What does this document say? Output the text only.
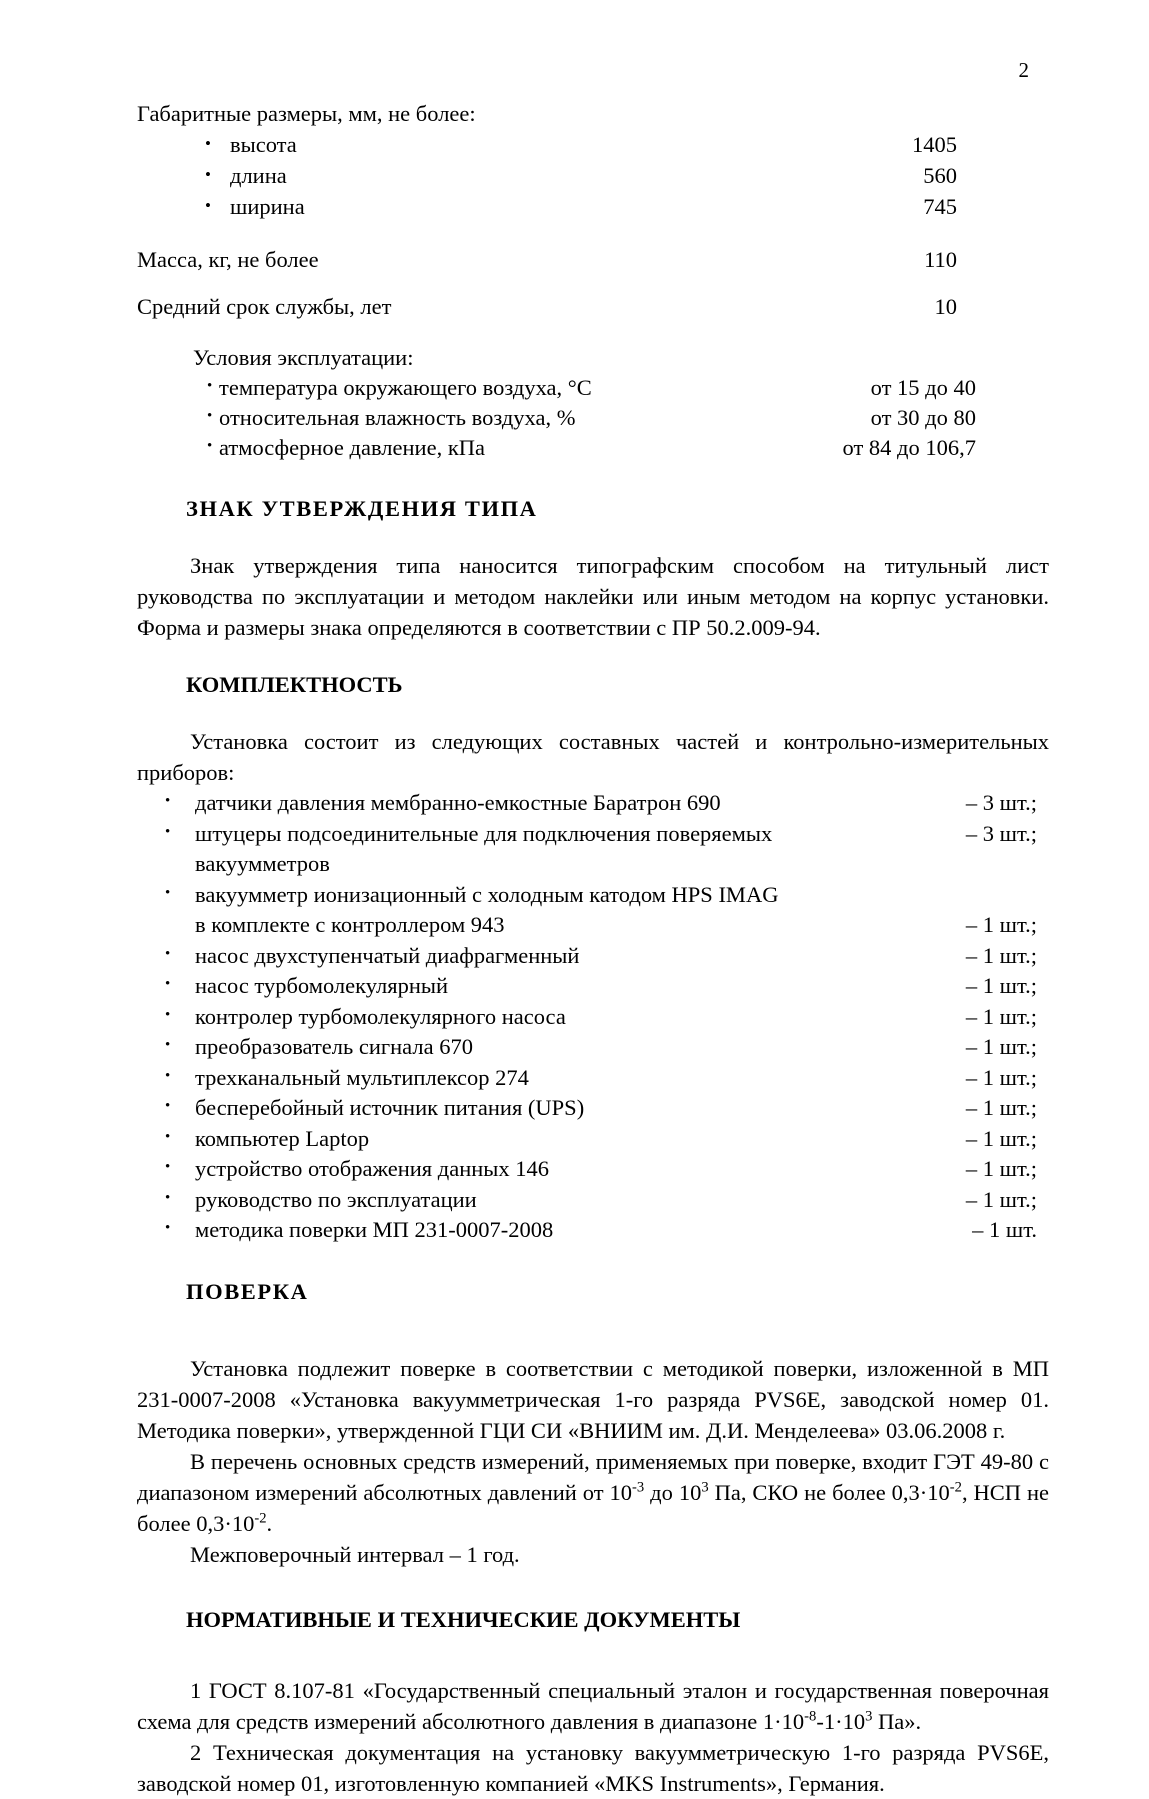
2
Габаритные размеры, мм, не более:
• высота	1405
• длина	560
• ширина	745
Масса, кг, не более	110
Средний срок службы, лет	10
Условия эксплуатации:
• температура окружающего воздуха, °С	от 15 до 40
• относительная влажность воздуха, %	от 30 до 80
• атмосферное давление, кПа	от 84 до 106,7
ЗНАК УТВЕРЖДЕНИЯ ТИПА

Знак утверждения типа наносится типографским способом на титульный лист руководства по эксплуатации и методом наклейки или иным методом на корпус установки. Форма и размеры знака определяются в соответствии с ПР 50.2.009-94.

КОМПЛЕКТНОСТЬ

Установка состоит из следующих составных частей и контрольно-измерительных приборов:

• датчики давления мембранно-емкостные Баратрон 690	– 3 шт.;
• штуцеры подсоединительные для подключения поверяемых вакуумметров
– 3 шт.;
• вакуумметр ионизационный с холодным катодом HPS IMAG
в комплекте с контроллером 943	– 1 шт.;
• насос двухступенчатый диафрагменный	– 1 шт.;
• насос турбомолекулярный	– 1 шт.;
• контролер турбомолекулярного насоса	– 1 шт.;
• преобразователь сигнала 670	– 1 шт.;
• трехканальный мультиплексор 274	– 1 шт.;
• бесперебойный источник питания (UPS)	– 1 шт.;
• компьютер Laptop	– 1 шт.;
• устройство отображения данных 146	– 1 шт.;
• руководство по эксплуатации	– 1 шт.;
• методика поверки МП 231-0007-2008	– 1 шт.
ПОВЕРКА

Установка подлежит поверке в соответствии с методикой поверки, изложенной в МП 231-0007-2008 «Установка вакуумметрическая 1-го разряда PVS6E, заводской номер 01. Методика поверки», утвержденной ГЦИ СИ «ВНИИМ им. Д.И. Менделеева» 03.06.2008 г.

В перечень основных средств измерений, применяемых при поверке, входит ГЭТ 49-80 с диапазоном измерений абсолютных давлений от $10^{-3}$ до $10^3$ Па, СКО не более $0,3\cdot 10^{-2}$, НСП не более $0,3\cdot 10^{-2}$.

Межповерочный интервал – 1 год.

НОРМАТИВНЫЕ И ТЕХНИЧЕСКИЕ ДОКУМЕНТЫ

1 ГОСТ 8.107-81 «Государственный специальный эталон и государственная поверочная схема для средств измерений абсолютного давления в диапазоне $1\cdot 10^{-8}-1\cdot 10^3$ Па».

2 Техническая документация на установку вакуумметрическую 1-го разряда PVS6E, заводской номер 01, изготовленную компанией «MKS Instruments», Германия.
